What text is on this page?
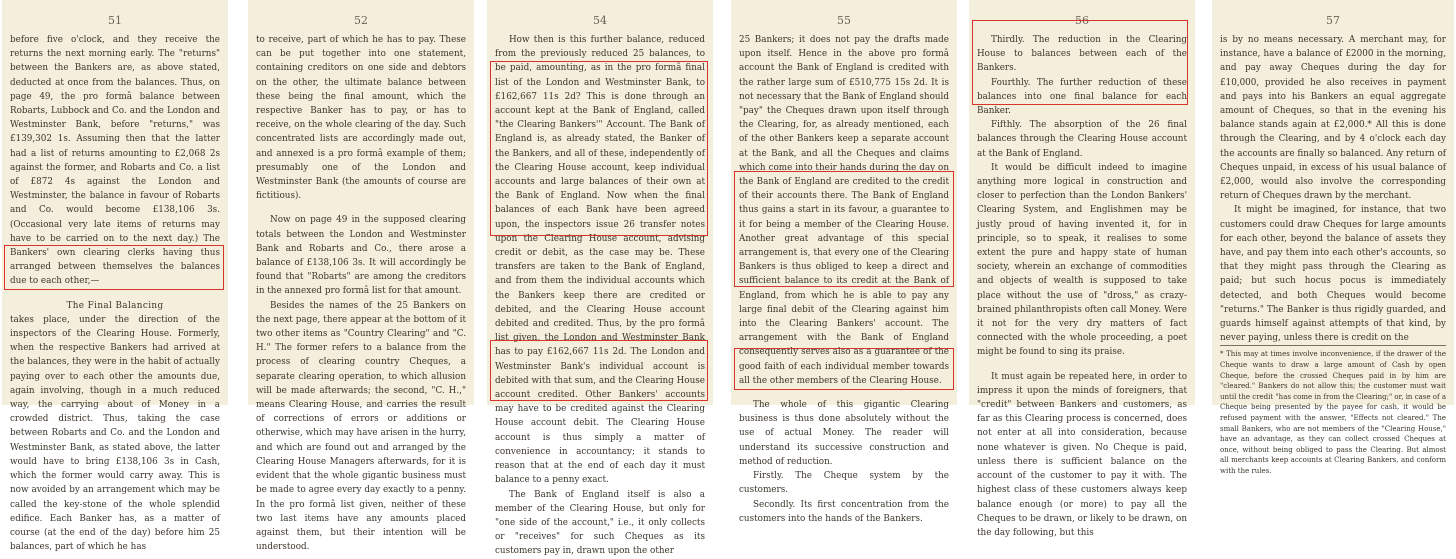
51

before five o'clock, and they receive the returns the next morning early. The "returns" between the Bankers are, as above stated, deducted at once from the balances. Thus, on page 49, the pro formâ balance between Robarts, Lubbock and Co. and the London and Westminster Bank, before "returns," was £139,302 1s. Assuming then that the latter had a list of returns amounting to £2,068 2s against the former, and Robarts and Co. a list of £872 4s against the London and Westminster, the balance in favour of Robarts and Co. would become £138,106 3s. (Occasional very late items of returns may have to be carried on to the next day.) The Bankers' own clearing clerks having thus arranged between themselves the balances due to each other,—

The Final Balancing

takes place, under the direction of the inspectors of the Clearing House. Formerly, when the respective Bankers had arrived at the balances, they were in the habit of actually paying over to each other the amounts due, again involving, though in a much reduced way, the carrying about of Money in a crowded district. Thus, taking the case between Robarts and Co. and the London and Westminster Bank, as stated above, the latter would have to bring £138,106 3s in Cash, which the former would carry away. This is now avoided by an arrangement which may be called the key-stone of the whole splendid edifice. Each Banker has, as a matter of course (at the end of the day) before him 25 balances, part of which he has

52

to receive, part of which he has to pay. These can be put together into one statement, containing creditors on one side and debtors on the other, the ultimate balance between these being the final amount, which the respective Banker has to pay, or has to receive, on the whole clearing of the day. Such concentrated lists are accordingly made out, and annexed is a pro formâ example of them; presumably one of the London and Westminster Bank (the amounts of course are fictitious).

Now on page 49 in the supposed clearing totals between the London and Westminster Bank and Robarts and Co., there arose a balance of £138,106 3s. It will accordingly be found that "Robarts" are among the creditors in the annexed pro formâ list for that amount.

Besides the names of the 25 Bankers on the next page, there appear at the bottom of it two other items as "Country Clearing" and "C. H." The former refers to a balance from the process of clearing country Cheques, a separate clearing operation, to which allusion will be made afterwards; the second, "C. H.," means Clearing House, and carries the result of corrections of errors or additions or otherwise, which may have arisen in the hurry, and which are found out and arranged by the Clearing House Managers afterwards, for it is evident that the whole gigantic business must be made to agree every day exactly to a penny. In the pro formâ list given, neither of these two last items have any amounts placed against them, but their intention will be understood.

54

How then is this further balance, reduced from the previously reduced 25 balances, to be paid, amounting, as in the pro formâ final list of the London and Westminster Bank, to £162,667 11s 2d? This is done through an account kept at the Bank of England, called "the Clearing Bankers'" Account. The Bank of England is, as already stated, the Banker of the Bankers, and all of these, independently of the Clearing House account, keep individual accounts and large balances of their own at the Bank of England. Now when the final balances of each Bank have been agreed upon, the inspectors issue 26 transfer notes upon the Clearing House account, advising credit or debit, as the case may be. These transfers are taken to the Bank of England, and from them the individual accounts which the Bankers keep there are credited or debited, and the Clearing House account debited and credited. Thus, by the pro formâ list given, the London and Westminster Bank has to pay £162,667 11s 2d. The London and Westminster Bank's individual account is debited with that sum, and the Clearing House account credited. Other Bankers' accounts may have to be credited against the Clearing House account debit. The Clearing House account is thus simply a matter of convenience in accountancy; it stands to reason that at the end of each day it must balance to a penny exact.

The Bank of England itself is also a member of the Clearing House, but only for "one side of the account," i.e., it only collects or "receives" for such Cheques as its customers pay in, drawn upon the other

55

25 Bankers; it does not pay the drafts made upon itself. Hence in the above pro formâ account the Bank of England is credited with the rather large sum of £510,775 15s 2d. It is not necessary that the Bank of England should "pay" the Cheques drawn upon itself through the Clearing, for, as already mentioned, each of the other Bankers keep a separate account at the Bank, and all the Cheques and claims which come into their hands during the day on the Bank of England are credited to the credit of their accounts there. The Bank of England thus gains a start in its favour, a guarantee to it for being a member of the Clearing House. Another great advantage of this special arrangement is, that every one of the Clearing Bankers is thus obliged to keep a direct and sufficient balance to its credit at the Bank of England, from which he is able to pay any large final debit of the Clearing against him into the Clearing Bankers' account. The arrangement with the Bank of England consequently serves also as a guarantee of the good faith of each individual member towards all the other members of the Clearing House.

The whole of this gigantic Clearing business is thus done absolutely without the use of actual Money. The reader will understand its successive construction and method of reduction.

Firstly. The Cheque system by the customers.

Secondly. Its first concentration from the customers into the hands of the Bankers.

56

Thirdly. The reduction in the Clearing House to balances between each of the Bankers.

Fourthly. The further reduction of these balances into one final balance for each Banker.

Fifthly. The absorption of the 26 final balances through the Clearing House account at the Bank of England.

It would be difficult indeed to imagine anything more logical in construction and closer to perfection than the London Bankers' Clearing System, and Englishmen may be justly proud of having invented it, for in principle, so to speak, it realises to some extent the pure and happy state of human society, wherein an exchange of commodities and objects of wealth is supposed to take place without the use of "dross," as crazy-brained philanthropists often call Money. Were it not for the very dry matters of fact connected with the whole proceeding, a poet might be found to sing its praise.

It must again be repeated here, in order to impress it upon the minds of foreigners, that "credit" between Bankers and customers, as far as this Clearing process is concerned, does not enter at all into consideration, because none whatever is given. No Cheque is paid, unless there is sufficient balance on the account of the customer to pay it with. The highest class of these customers always keep balance enough (or more) to pay all the Cheques to be drawn, or likely to be drawn, on the day following, but this

57

is by no means necessary. A merchant may, for instance, have a balance of £2000 in the morning, and pay away Cheques during the day for £10,000, provided he also receives in payment and pays into his Bankers an equal aggregate amount of Cheques, so that in the evening his balance stands again at £2,000.* All this is done through the Clearing, and by 4 o'clock each day the accounts are finally so balanced. Any return of Cheques unpaid, in excess of his usual balance of £2,000, would also involve the corresponding return of Cheques drawn by the merchant.

It might be imagined, for instance, that two customers could draw Cheques for large amounts for each other, beyond the balance of assets they have, and pay them into each other's accounts, so that they might pass through the Clearing as paid; but such hocus pocus is immediately detected, and both Cheques would become "returns." The Banker is thus rigidly guarded, and guards himself against attempts of that kind, by never paying, unless there is credit on the

* This may at times involve inconvenience, if the drawer of the Cheque wants to draw a large amount of Cash by open Cheque, before the crossed Cheques paid in by him are "cleared." Bankers do not allow this; the customer must wait until the credit "has come in from the Clearing;" or, in case of a Cheque being presented by the payee for cash, it would be refused payment with the answer, "Effects not cleared." The small Bankers, who are not members of the "Clearing House," have an advantage, as they can collect crossed Cheques at once, without being obliged to pass the Clearing. But almost all merchants keep accounts at Clearing Bankers, and conform with the rules.
